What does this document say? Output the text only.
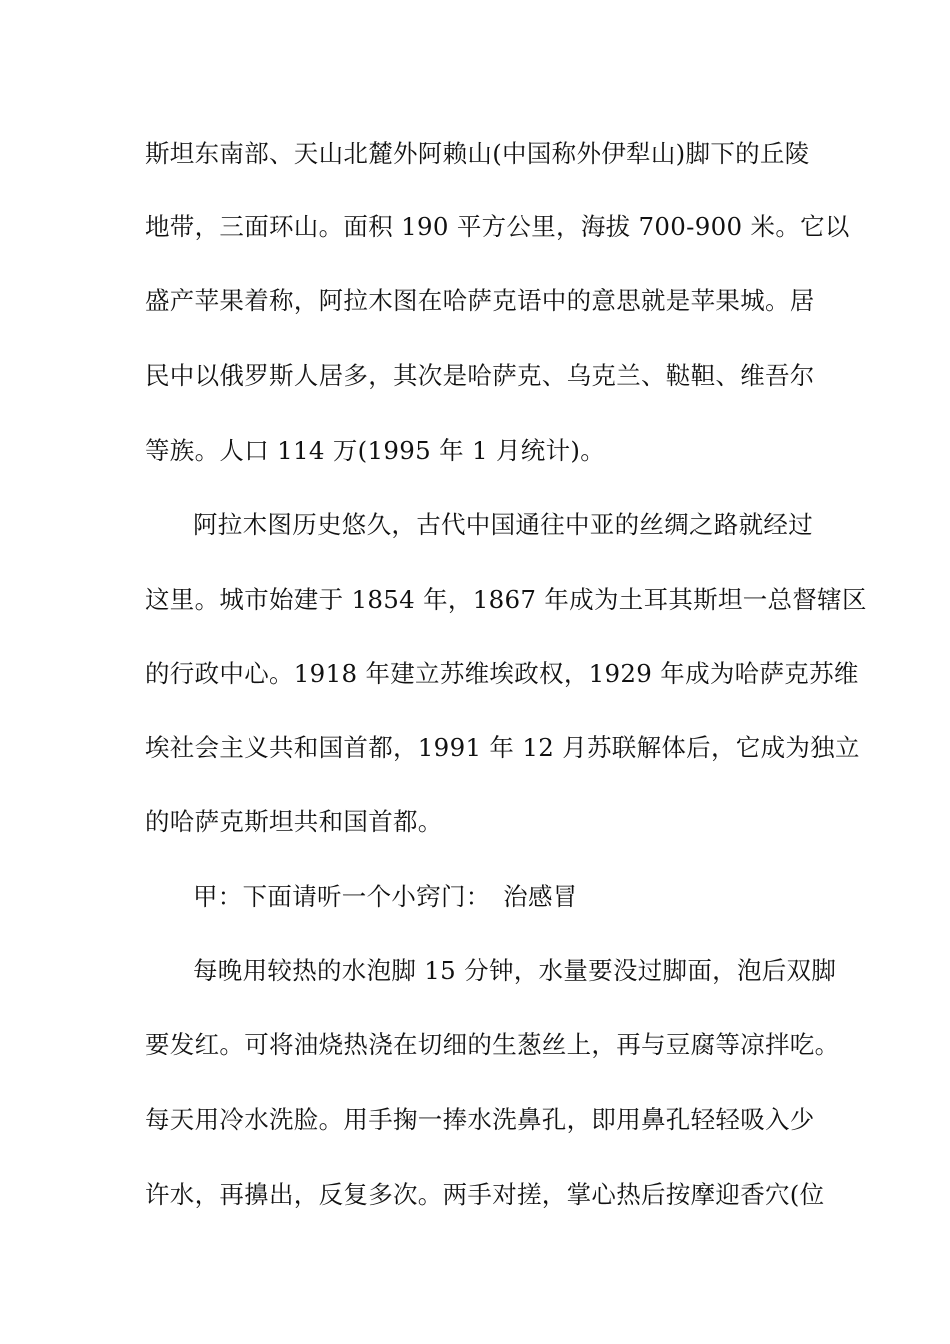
斯坦东南部、天山北麓外阿赖山(中国称外伊犁山)脚下的丘陵
地带，三面环山。面积 190 平方公里，海拔 700-900 米。它以
盛产苹果着称，阿拉木图在哈萨克语中的意思就是苹果城。居
民中以俄罗斯人居多，其次是哈萨克、乌克兰、鞑靼、维吾尔
等族。人口 114 万(1995 年 1 月统计)。
阿拉木图历史悠久，古代中国通往中亚的丝绸之路就经过
这里。城市始建于 1854 年，1867 年成为土耳其斯坦一总督辖区
的行政中心。1918 年建立苏维埃政权，1929 年成为哈萨克苏维
埃社会主义共和国首都，1991 年 12 月苏联解体后，它成为独立
的哈萨克斯坦共和国首都。
甲：下面请听一个小窍门：　治感冒
每晚用较热的水泡脚 15 分钟，水量要没过脚面，泡后双脚
要发红。可将油烧热浇在切细的生葱丝上，再与豆腐等凉拌吃。
每天用冷水洗脸。用手掬一捧水洗鼻孔，即用鼻孔轻轻吸入少
许水，再擤出，反复多次。两手对搓，掌心热后按摩迎香穴(位
